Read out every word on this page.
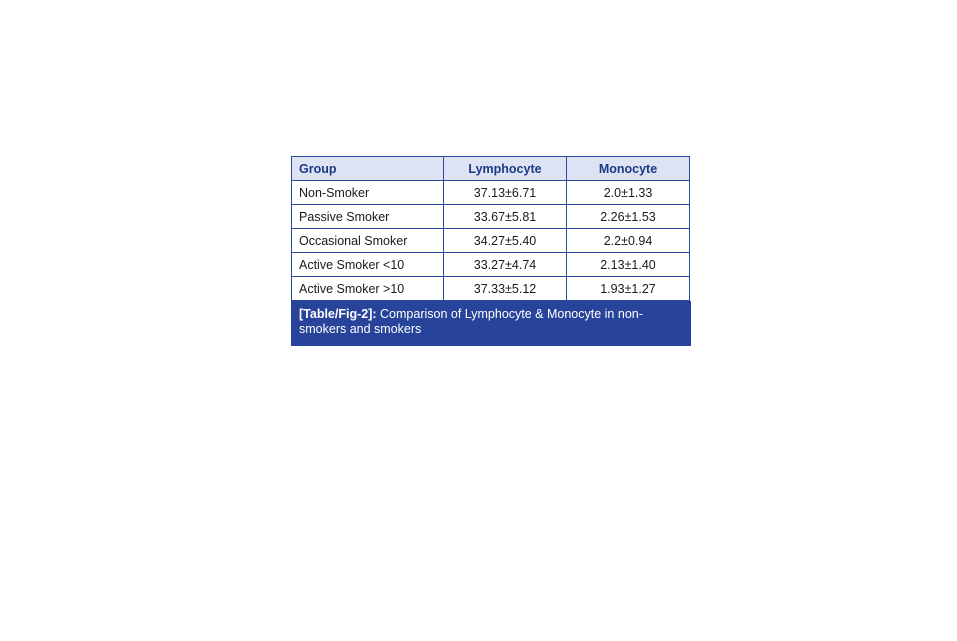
Group	Lymphocyte	Monocyte
Non-Smoker	37.13±6.71	2.0±1.33
Passive Smoker	33.67±5.81	2.26±1.53
Occasional Smoker	34.27±5.40	2.2±0.94
Active Smoker <10	33.27±4.74	2.13±1.40
Active Smoker >10	37.33±5.12	1.93±1.27
[Table/Fig-2]: Comparison of Lymphocyte & Monocyte in non-smokers and smokers
